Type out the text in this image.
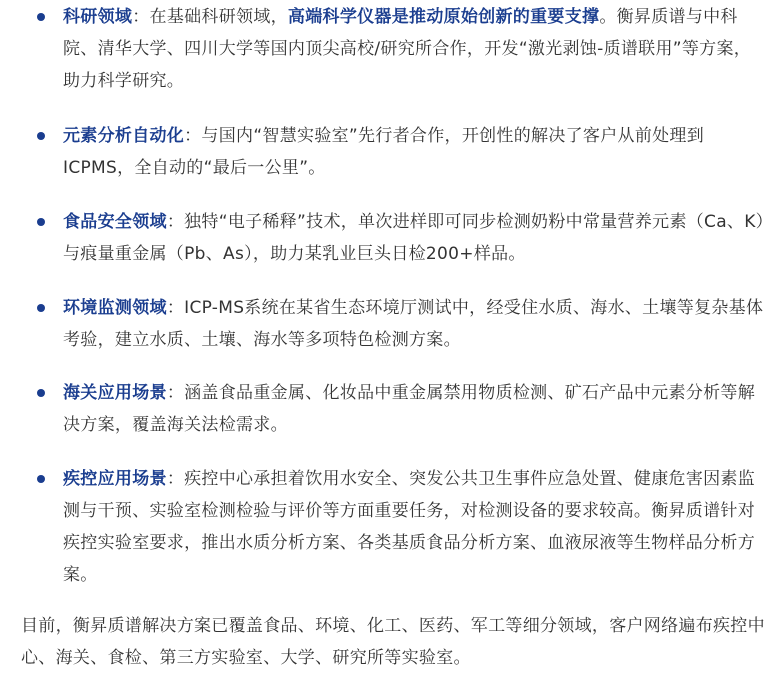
科研领域：在基础科研领域，高端科学仪器是推动原始创新的重要支撑。衡昇质谱与中科院、清华大学、四川大学等国内顶尖高校/研究所合作，开发“激光剥蚀-质谱联用”等方案，助力科学研究。
元素分析自动化：与国内“智慧实验室”先行者合作，开创性的解决了客户从前处理到ICPMS，全自动的“最后一公里”。
食品安全领域：独特“电子稀释”技术，单次进样即可同步检测奶粉中常量营养元素（Ca、K）与痕量重金属（Pb、As），助力某乳业巨头日检200+样品。
环境监测领域：ICP-MS系统在某省生态环境厅测试中，经受住水质、海水、土壤等复杂基体考验，建立水质、土壤、海水等多项特色检测方案。
海关应用场景：涵盖食品重金属、化妆品中重金属禁用物质检测、矿石产品中元素分析等解决方案，覆盖海关法检需求。
疾控应用场景：疾控中心承担着饮用水安全、突发公共卫生事件应急处置、健康危害因素监测与干预、实验室检测检验与评价等方面重要任务，对检测设备的要求较高。衡昇质谱针对疾控实验室要求，推出水质分析方案、各类基质食品分析方案、血液尿液等生物样品分析方案。

目前，衡昇质谱解决方案已覆盖食品、环境、化工、医药、军工等细分领域，客户网络遍布疾控中心、海关、食检、第三方实验室、大学、研究所等实验室。
